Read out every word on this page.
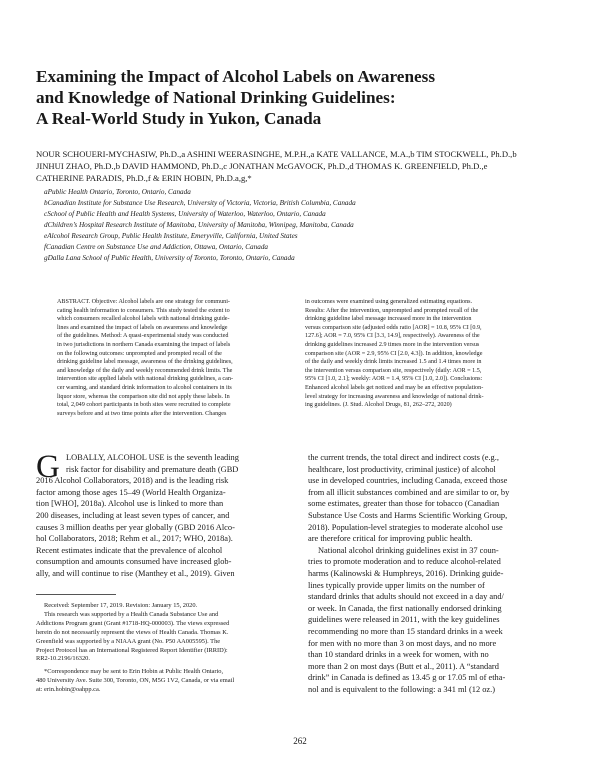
Examining the Impact of Alcohol Labels on Awareness
and Knowledge of National Drinking Guidelines:
A Real-World Study in Yukon, Canada
NOUR SCHOUERI-MYCHASIW, Ph.D.,a ASHINI WEERASINGHE, M.P.H.,a KATE VALLANCE, M.A.,b TIM STOCKWELL, Ph.D.,b
JINHUI ZHAO, Ph.D.,b DAVID HAMMOND, Ph.D.,c JONATHAN McGAVOCK, Ph.D.,d THOMAS K. GREENFIELD, Ph.D.,e
CATHERINE PARADIS, Ph.D.,f & ERIN HOBIN, Ph.D.a,g,*
aPublic Health Ontario, Toronto, Ontario, Canada
bCanadian Institute for Substance Use Research, University of Victoria, Victoria, British Columbia, Canada
cSchool of Public Health and Health Systems, University of Waterloo, Waterloo, Ontario, Canada
dChildren’s Hospital Research Institute of Manitoba, University of Manitoba, Winnipeg, Manitoba, Canada
eAlcohol Research Group, Public Health Institute, Emeryville, California, United States
fCanadian Centre on Substance Use and Addiction, Ottawa, Ontario, Canada
gDalla Lana School of Public Health, University of Toronto, Toronto, Ontario, Canada
ABSTRACT. Objective: Alcohol labels are one strategy for communi-
cating health information to consumers. This study tested the extent to
which consumers recalled alcohol labels with national drinking guide-
lines and examined the impact of labels on awareness and knowledge
of the guidelines. Method: A quasi-experimental study was conducted
in two jurisdictions in northern Canada examining the impact of labels
on the following outcomes: unprompted and prompted recall of the
drinking guideline label message, awareness of the drinking guidelines,
and knowledge of the daily and weekly recommended drink limits. The
intervention site applied labels with national drinking guidelines, a can-
cer warning, and standard drink information to alcohol containers in its
liquor store, whereas the comparison site did not apply these labels. In
total, 2,049 cohort participants in both sites were recruited to complete
surveys before and at two time points after the intervention. Changes
in outcomes were examined using generalized estimating equations.
Results: After the intervention, unprompted and prompted recall of the
drinking guideline label message increased more in the intervention
versus comparison site (adjusted odds ratio [AOR] = 10.8, 95% CI [0.9,
127.6]; AOR = 7.0, 95% CI [3.3, 14.9], respectively). Awareness of the
drinking guidelines increased 2.9 times more in the intervention versus
comparison site (AOR = 2.9, 95% CI [2.0, 4.3]). In addition, knowledge
of the daily and weekly drink limits increased 1.5 and 1.4 times more in
the intervention versus comparison site, respectively (daily: AOR = 1.5,
95% CI [1.0, 2.1]; weekly: AOR = 1.4, 95% CI [1.0, 2.0]). Conclusions:
Enhanced alcohol labels get noticed and may be an effective population-
level strategy for increasing awareness and knowledge of national drink-
ing guidelines. (J. Stud. Alcohol Drugs, 81, 262–272, 2020)
G LOBALLY, ALCOHOL USE is the seventh leading
risk factor for disability and premature death (GBD
2016 Alcohol Collaborators, 2018) and is the leading risk
factor among those ages 15–49 (World Health Organiza-
tion [WHO], 2018a). Alcohol use is linked to more than
200 diseases, including at least seven types of cancer, and
causes 3 million deaths per year globally (GBD 2016 Alco-
hol Collaborators, 2018; Rehm et al., 2017; WHO, 2018a).
Recent estimates indicate that the prevalence of alcohol
consumption and amounts consumed have increased glob-
ally, and will continue to rise (Manthey et al., 2019). Given
the current trends, the total direct and indirect costs (e.g.,
healthcare, lost productivity, criminal justice) of alcohol
use in developed countries, including Canada, exceed those
from all illicit substances combined and are similar to or, by
some estimates, greater than those for tobacco (Canadian
Substance Use Costs and Harms Scientific Working Group,
2018). Population-level strategies to moderate alcohol use
are therefore critical for improving public health.
National alcohol drinking guidelines exist in 37 coun-
tries to promote moderation and to reduce alcohol-related
harms (Kalinowski & Humphreys, 2016). Drinking guide-
lines typically provide upper limits on the number of
standard drinks that adults should not exceed in a day and/
or week. In Canada, the first nationally endorsed drinking
guidelines were released in 2011, with the key guidelines
recommending no more than 15 standard drinks in a week
for men with no more than 3 on most days, and no more
than 10 standard drinks in a week for women, with no
more than 2 on most days (Butt et al., 2011). A “standard
drink” in Canada is defined as 13.45 g or 17.05 ml of etha-
nol and is equivalent to the following: a 341 ml (12 oz.)
Received: September 17, 2019. Revision: January 15, 2020.
This research was supported by a Health Canada Substance Use and
Addictions Program grant (Grant #1718-HQ-000003). The views expressed
herein do not necessarily represent the views of Health Canada. Thomas K.
Greenfield was supported by a NIAAA grant (No. P50 AA005595). The
Project Protocol has an International Registered Report Identifier (IRRID):
RR2-10.2196/16320.
*Correspondence may be sent to Erin Hobin at Public Health Ontario,
480 University Ave. Suite 300, Toronto, ON, M5G 1V2, Canada, or via email
at: erin.hobin@oahpp.ca.
262
